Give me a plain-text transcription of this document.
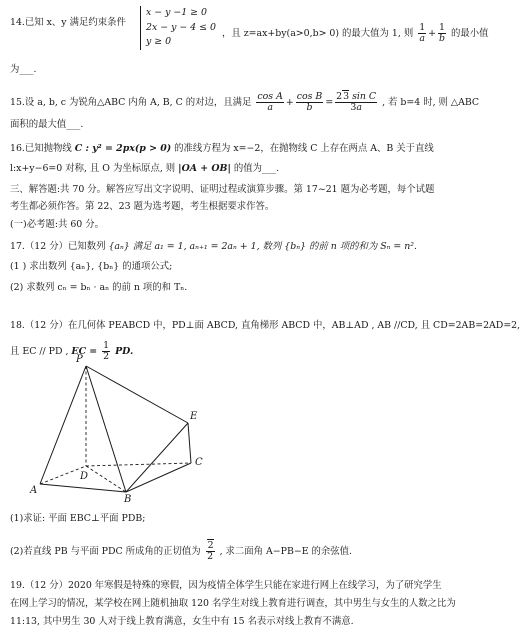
14.已知 x、y 满足约束条件
x − y −1 ≥ 0
2x − y − 4 ≤ 0
y ≥ 0
，且 z=ax+by(a>0,b> 0) 的最大值为 1, 则 $\frac{1}{a} + \frac{1}{b}$ 的最小值
为___.
15.设 a, b, c 为锐角△ABC 内角 A, B, C 的对边，且满足 $\frac{\text{cos A}}{a} + \frac{\text{cos B}}{b} = \frac{\text{23 sin C}}{3a}$ , 若 b=4 时, 则 △ABC
面积的最大值___.
16.已知抛物线 C : y² = 2px(p > 0) 的准线方程为 x=−2，在抛物线 C 上存在两点 A、B 关于直线
l:x+y−6=0 对称, 且 O 为坐标原点, 则 |OA + OB| 的值为___.
三、解答题:共 70 分。解答应写出文字说明、证明过程或演算步骤。第 17~21 题为必考题，每个试题
考生都必须作答。第 22、23 题为选考题，考生根据要求作答。
(一)必考题:共 60 分。
17.（12 分）已知数列 {aₙ} 满足 a₁ = 1, aₙ₊₁ = 2aₙ + 1, 数列 {bₙ} 的前 n 项的和为 Sₙ = n².
(1 ) 求出数列 {aₙ}, {bₙ} 的通项公式;
(2) 求数列 cₙ = bₙ · aₙ 的前 n 项的和 Tₙ.
18.（12 分）在几何体 PEABCD 中，PD⊥面 ABCD, 直角梯形 ABCD 中，AB⊥AD , AB //CD, 且 CD=2AB=2AD=2,
且 EC // PD , EC = $\frac{1}{2}$ PD.
P
E
D
C
A
B
(1)求证: 平面 EBC⊥平面 PDB;
(2)若直线 PB 与平面 PDC 所成角的正切值为 $\frac{2}{2}$ , 求二面角 A−PB−E 的余弦值.
19.（12 分）2020 年寒假是特殊的寒假，因为疫情全体学生只能在家进行网上在线学习，为了研究学生
在网上学习的情况，某学校在网上随机抽取 120 名学生对线上教育进行调查，其中男生与女生的人数之比为
11:13, 其中男生 30 人对于线上教育满意，女生中有 15 名表示对线上教育不满意.
